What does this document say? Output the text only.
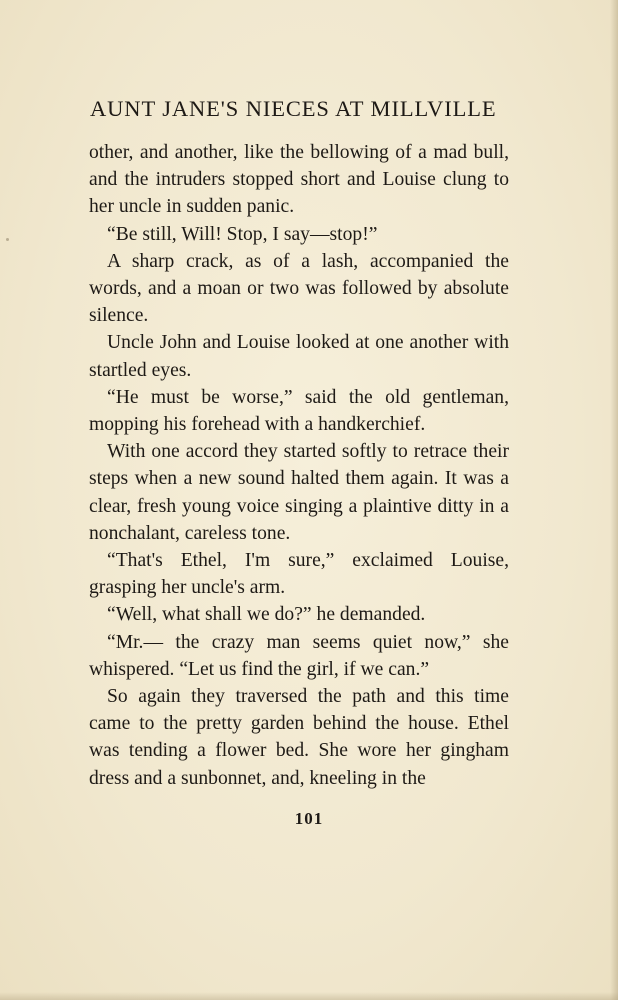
AUNT JANE'S NIECES AT MILLVILLE

other, and another, like the bellowing of a mad bull, and the intruders stopped short and Louise clung to her uncle in sudden panic.

“Be still, Will! Stop, I say—stop!”

A sharp crack, as of a lash, accompanied the words, and a moan or two was followed by absolute silence.

Uncle John and Louise looked at one another with startled eyes.

“He must be worse,” said the old gentleman, mopping his forehead with a handkerchief.

With one accord they started softly to retrace their steps when a new sound halted them again. It was a clear, fresh young voice singing a plaintive ditty in a nonchalant, careless tone.

“That's Ethel, I'm sure,” exclaimed Louise, grasping her uncle's arm.

“Well, what shall we do?” he demanded.

“Mr.— the crazy man seems quiet now,” she whispered. “Let us find the girl, if we can.”

So again they traversed the path and this time came to the pretty garden behind the house. Ethel was tending a flower bed. She wore her gingham dress and a sunbonnet, and, kneeling in the

101
